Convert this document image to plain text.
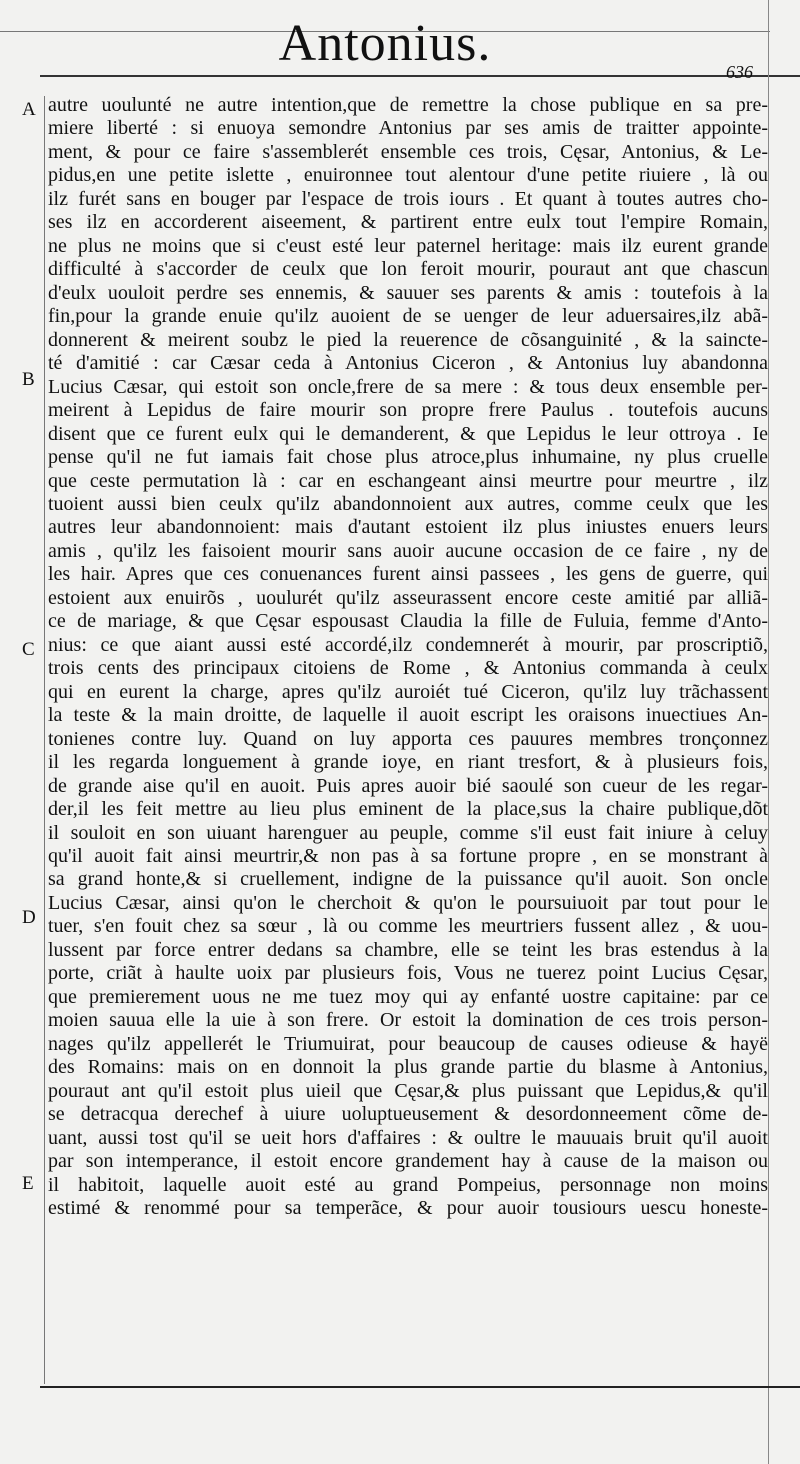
Antonius.	636
A
B
C
D
E
autre uoulunté ne autre intention,que de remettre la chose publique en sa pre-
miere liberté : si enuoya semondre Antonius par ses amis de traitter appointe-
ment, & pour ce faire s'assemblerét ensemble ces trois, Cęsar, Antonius, & Le-
pidus,en une petite islette , enuironnee tout alentour d'une petite riuiere , là ou
ilz furét sans en bouger par l'espace de trois iours . Et quant à toutes autres cho-
ses ilz en accorderent aiseement, & partirent entre eulx tout l'empire Romain,
ne plus ne moins que si c'eust esté leur paternel heritage: mais ilz eurent grande
difficulté à s'accorder de ceulx que lon feroit mourir, pouraut ant que chascun
d'eulx uouloit perdre ses ennemis, & sauuer ses parents & amis : toutefois à la
fin,pour la grande enuie qu'ilz auoient de se uenger de leur aduersaires,ilz abã-
donnerent & meirent soubz le pied la reuerence de cõsanguinité , & la saincte-
té d'amitié : car Cæsar ceda à Antonius Ciceron , & Antonius luy abandonna
Lucius Cæsar, qui estoit son oncle,frere de sa mere : & tous deux ensemble per-
meirent à Lepidus de faire mourir son propre frere Paulus . toutefois aucuns
disent que ce furent eulx qui le demanderent, & que Lepidus le leur ottroya . Ie
pense qu'il ne fut iamais fait chose plus atroce,plus inhumaine, ny plus cruelle
que ceste permutation là : car en eschangeant ainsi meurtre pour meurtre , ilz
tuoient aussi bien ceulx qu'ilz abandonnoient aux autres, comme ceulx que les
autres leur abandonnoient: mais d'autant estoient ilz plus iniustes enuers leurs
amis , qu'ilz les faisoient mourir sans auoir aucune occasion de ce faire , ny de
les hair. Apres que ces conuenances furent ainsi passees , les gens de guerre, qui
estoient aux enuirõs , uoulurét qu'ilz asseurassent encore ceste amitié par alliã-
ce de mariage, & que Cęsar espousast Claudia la fille de Fuluia, femme d'Anto-
nius: ce que aiant aussi esté accordé,ilz condemnerét à mourir, par proscriptiõ,
trois cents des principaux citoiens de Rome , & Antonius commanda à ceulx
qui en eurent la charge, apres qu'ilz auroiét tué Ciceron, qu'ilz luy trãchassent
la teste & la main droitte, de laquelle il auoit escript les oraisons inuectiues An-
tonienes contre luy. Quand on luy apporta ces pauures membres tronçonnez
il les regarda longuement à grande ioye, en riant tresfort, & à plusieurs fois,
de grande aise qu'il en auoit. Puis apres auoir bié saoulé son cueur de les regar-
der,il les feit mettre au lieu plus eminent de la place,sus la chaire publique,dõt
il souloit en son uiuant harenguer au peuple, comme s'il eust fait iniure à celuy
qu'il auoit fait ainsi meurtrir,& non pas à sa fortune propre , en se monstrant à
sa grand honte,& si cruellement, indigne de la puissance qu'il auoit. Son oncle
Lucius Cæsar, ainsi qu'on le cherchoit & qu'on le poursuiuoit par tout pour le
tuer, s'en fouit chez sa sœur , là ou comme les meurtriers fussent allez , & uou-
lussent par force entrer dedans sa chambre, elle se teint les bras estendus à la
porte, criãt à haulte uoix par plusieurs fois, Vous ne tuerez point Lucius Cęsar,
que premierement uous ne me tuez moy qui ay enfanté uostre capitaine: par ce
moien sauua elle la uie à son frere. Or estoit la domination de ces trois person-
nages qu'ilz appellerét le Triumuirat, pour beaucoup de causes odieuse & hayë
des Romains: mais on en donnoit la plus grande partie du blasme à Antonius,
pouraut ant qu'il estoit plus uieil que Cęsar,& plus puissant que Lepidus,& qu'il
se detracqua derechef à uiure uoluptueusement & desordonneement cõme de-
uant, aussi tost qu'il se ueit hors d'affaires : & oultre le mauuais bruit qu'il auoit
par son intemperance, il estoit encore grandement hay à cause de la maison ou
il habitoit, laquelle auoit esté au grand Pompeius, personnage non moins
estimé & renommé pour sa temperãce, & pour auoir tousiours uescu honeste-
